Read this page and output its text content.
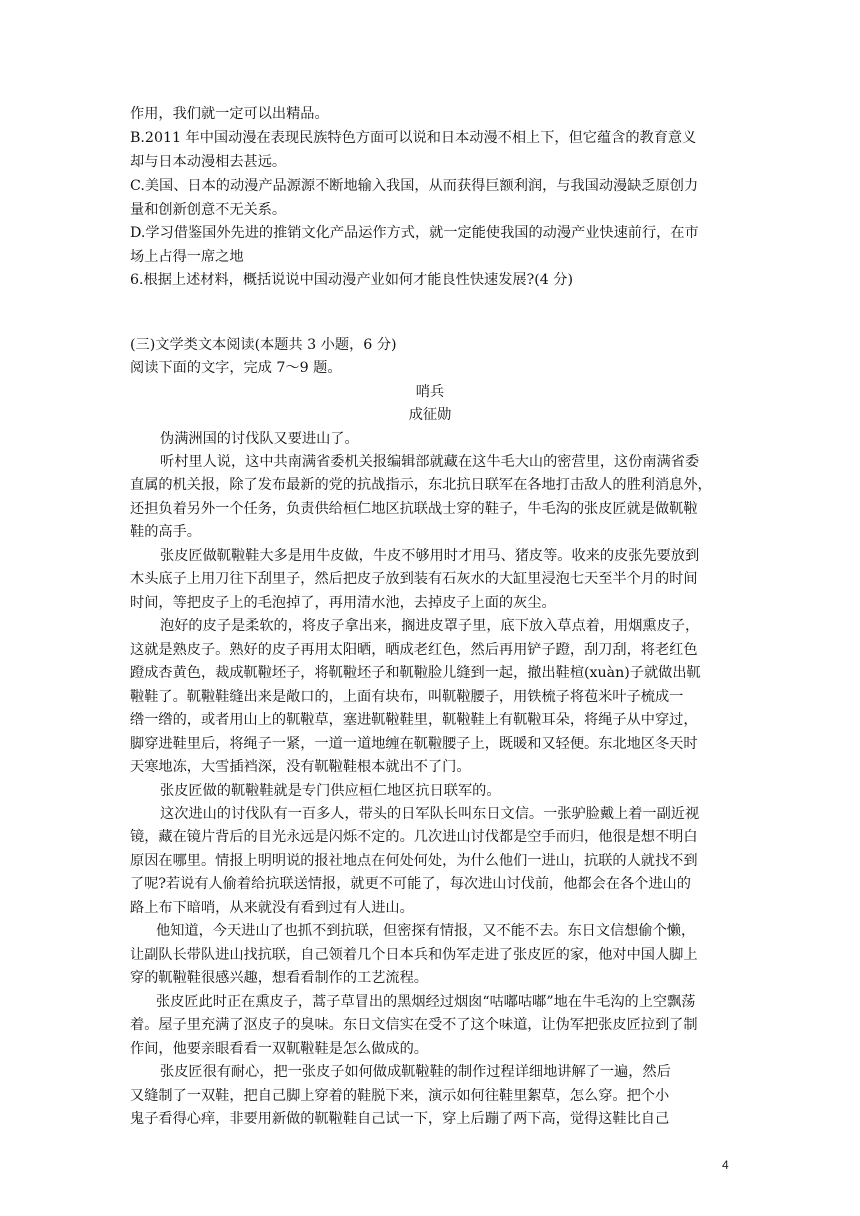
作用，我们就一定可以出精品。
B.2011 年中国动漫在表现民族特色方面可以说和日本动漫不相上下，但它蕴含的教育意义
却与日本动漫相去甚远。
C.美国、日本的动漫产品源源不断地输入我国，从而获得巨额利润，与我国动漫缺乏原创力
量和创新创意不无关系。
D.学习借鉴国外先进的推销文化产品运作方式，就一定能使我国的动漫产业快速前行，在市
场上占得一席之地
6.根据上述材料，概括说说中国动漫产业如何才能良性快速发展?(4 分)
(三)文学类文本阅读(本题共 3 小题，6 分)
阅读下面的文字，完成 7～9 题。
哨兵
成征勋
伪满洲国的讨伐队又要进山了。
听村里人说，这中共南满省委机关报编辑部就藏在这牛毛大山的密营里，这份南满省委
直属的机关报，除了发布最新的党的抗战指示，东北抗日联军在各地打击敌人的胜利消息外，
还担负着另外一个任务，负责供给桓仁地区抗联战士穿的鞋子，牛毛沟的张皮匠就是做靰鞡
鞋的高手。
张皮匠做靰鞡鞋大多是用牛皮做，牛皮不够用时才用马、猪皮等。收来的皮张先要放到
木头底子上用刀往下刮里子，然后把皮子放到装有石灰水的大缸里浸泡七天至半个月的时间
时间，等把皮子上的毛泡掉了，再用清水池，去掉皮子上面的灰尘。
泡好的皮子是柔软的，将皮子拿出来，搁进皮罩子里，底下放入草点着，用烟熏皮子，
这就是熟皮子。熟好的皮子再用太阳晒，晒成老红色，然后再用铲子蹬，刮刀刮，将老红色
蹬成杏黄色，裁成靰鞡坯子，将靰鞡坯子和靰鞡脸儿缝到一起，撤出鞋楦(xuàn)子就做出靰
鞡鞋了。靰鞡鞋缝出来是敞口的，上面有块布，叫靰鞡腰子，用铁梳子将苞米叶子梳成一
绺一绺的，或者用山上的靰鞡草，塞进靰鞡鞋里，靰鞡鞋上有靰鞡耳朵，将绳子从中穿过，
脚穿进鞋里后，将绳子一紧，一道一道地缠在靰鞡腰子上，既暖和又轻便。东北地区冬天时
天寒地冻，大雪插裆深，没有靰鞡鞋根本就出不了门。
张皮匠做的靰鞡鞋就是专门供应桓仁地区抗日联军的。
这次进山的讨伐队有一百多人，带头的日军队长叫东日文信。一张驴脸戴上着一副近视
镜，藏在镜片背后的目光永远是闪烁不定的。几次进山讨伐都是空手而归，他很是想不明白
原因在哪里。情报上明明说的报社地点在何处何处，为什么他们一进山，抗联的人就找不到
了呢?若说有人偷着给抗联送情报，就更不可能了，每次进山讨伐前，他都会在各个进山的
路上布下暗哨，从来就没有看到过有人进山。
他知道，今天进山了也抓不到抗联，但密探有情报，又不能不去。东日文信想偷个懒，
让副队长带队进山找抗联，自己领着几个日本兵和伪军走进了张皮匠的家，他对中国人脚上
穿的靰鞡鞋很感兴趣，想看看制作的工艺流程。
张皮匠此时正在熏皮子，蒿子草冒出的黑烟经过烟囱“咕嘟咕嘟”地在牛毛沟的上空飘荡
着。屋子里充满了沤皮子的臭味。东日文信实在受不了这个味道，让伪军把张皮匠拉到了制
作间，他要亲眼看看一双靰鞡鞋是怎么做成的。
张皮匠很有耐心，把一张皮子如何做成靰鞡鞋的制作过程详细地讲解了一遍，然后
又缝制了一双鞋，把自己脚上穿着的鞋脱下来，演示如何往鞋里絮草，怎么穿。把个小
鬼子看得心痒，非要用新做的靰鞡鞋自己试一下，穿上后蹦了两下高，觉得这鞋比自己
4
